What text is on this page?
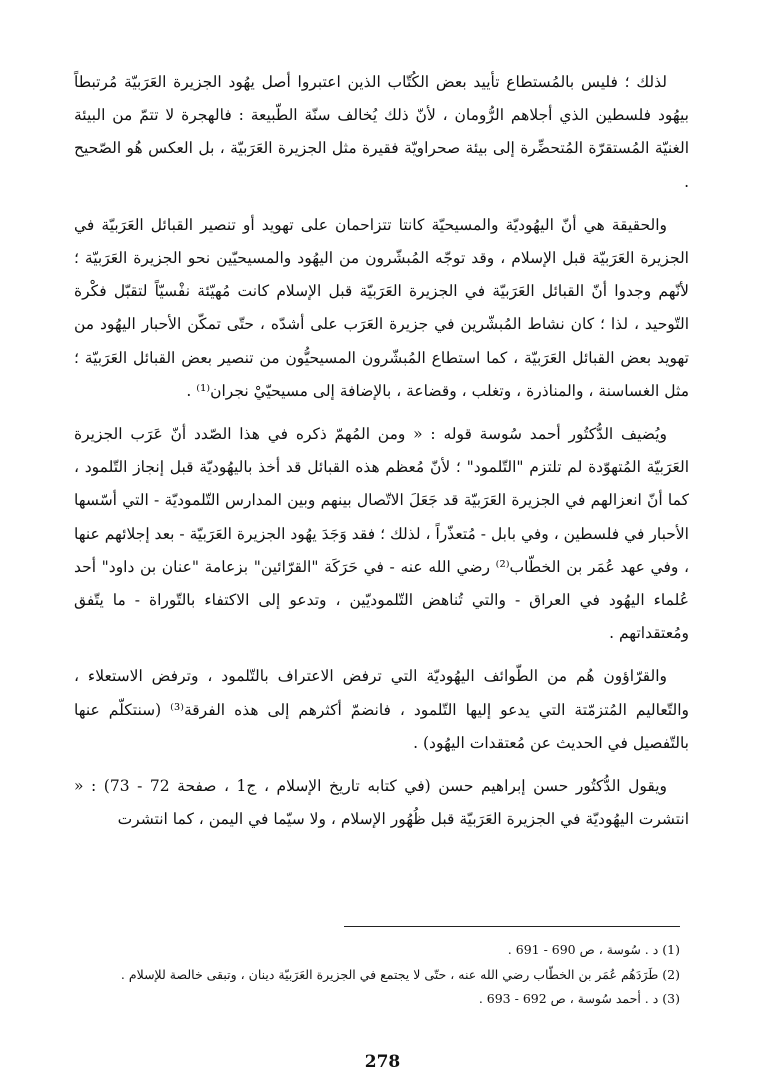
لذلك ؛ فليس بالمُستطاع تأييد بعض الكُتّاب الذين اعتبروا أصل يهُود الجزيرة العَرَبيّة مُرتبطاً بيهُود فلسطين الذي أجلاهم الرُّومان ، لأنّ ذلك يُخالف سنّة الطّبيعة : فالهجرة لا تتمّ من البيئة الغنيّة المُستقرّة المُتحضِّرة إلى بيئة صحراويّة فقيرة مثل الجزيرة العَرَبيّة ، بل العكس هُو الصّحيح .

والحقيقة هي أنّ اليهُوديّة والمسيحيّة كانتا تتزاحمان على تهويد أو تنصير القبائل العَرَبيّة في الجزيرة العَرَبيّة قبل الإسلام ، وقد توجّه المُبشّرون من اليهُود والمسيحيّين نحو الجزيرة العَرَبيّة ؛ لأنّهم وجدوا أنّ القبائل العَرَبيّة في الجزيرة العَرَبيّة قبل الإسلام كانت مُهيّئة نفْسيّاً لتقبّل فكْرة التّوحيد ، لذا ؛ كان نشاط المُبشّرين في جزيرة العَرَب على أشدّه ، حتّى تمكّن الأحبار اليهُود من تهويد بعض القبائل العَرَبيّة ، كما استطاع المُبشّرون المسيحيُّون من تنصير بعض القبائل العَرَبيّة ؛ مثل الغساسنة ، والمناذرة ، وتغلب ، وقضاعة ، بالإضافة إلى مسيحيّيْ نجران⁽¹⁾ .

ويُضيف الدُّكتُور أحمد سُوسة قوله : « ومن المُهمّ ذكره في هذا الصّدد أنّ عَرَب الجزيرة العَرَبيّة المُتهوّدة لم تلتزم "التّلمود" ؛ لأنّ مُعظم هذه القبائل قد أخذ باليهُوديّة قبل إنجاز التّلمود ، كما أنّ انعزالهم في الجزيرة العَرَبيّة قد جَعَلَ الاتّصال بينهم وبين المدارس التّلموديّة - التي أسّسها الأحبار في فلسطين ، وفي بابل - مُتعذّراً ، لذلك ؛ فقد وَجَدَ يهُود الجزيرة العَرَبيّة - بعد إجلائهم عنها ، وفي عهد عُمَر بن الخطّاب⁽²⁾ رضي الله عنه - في حَرَكَة "القرّائين" بزعامة "عنان بن داود" أحد عُلماء اليهُود في العراق - والتي تُناهض التّلموديّين ، وتدعو إلى الاكتفاء بالتّوراة - ما يتّفق ومُعتقداتهم .

والقرّاؤون هُم من الطّوائف اليهُوديّة التي ترفض الاعتراف بالتّلمود ، وترفض الاستعلاء ، والتّعاليم المُتزمّتة التي يدعو إليها التّلمود ، فانضمّ أكثرهم إلى هذه الفرقة⁽³⁾ (سنتكلّم عنها بالتّفصيل في الحديث عن مُعتقدات اليهُود) .

ويقول الدُّكتُور حسن إبراهيم حسن (في كتابه تاريخ الإسلام ، ج1 ، صفحة 72 - 73) : « انتشرت اليهُوديّة في الجزيرة العَرَبيّة قبل ظُهُور الإسلام ، ولا سيّما في اليمن ، كما انتشرت

(1) د . سُوسة ، ص 690 - 691 .

(2) طَرَدَهُم عُمَر بن الخطّاب رضي الله عنه ، حتّى لا يجتمع في الجزيرة العَرَبيّة دينان ، وتبقى خالصة للإسلام .

(3) د . أحمد سُوسة ، ص 692 - 693 .

278
